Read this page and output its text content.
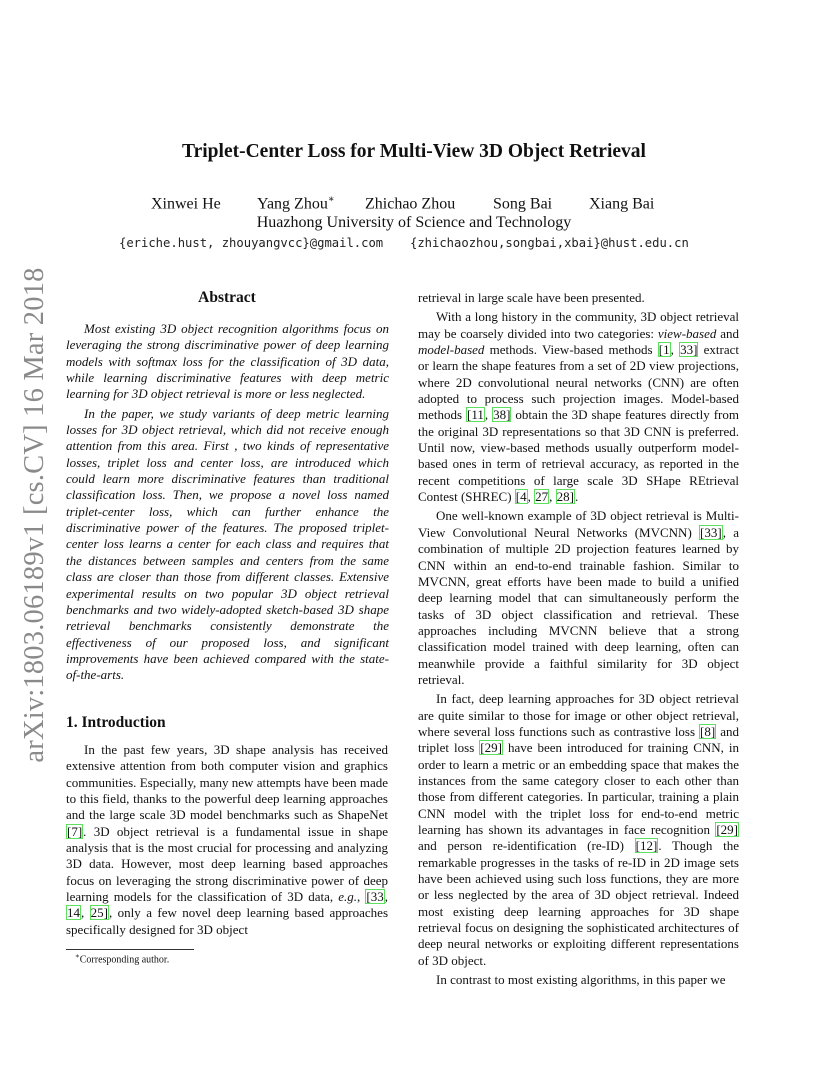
arXiv:1803.06189v1 [cs.CV] 16 Mar 2018
Triplet-Center Loss for Multi-View 3D Object Retrieval
Xinwei He Yang Zhou∗ Zhichao Zhou Song Bai Xiang Bai
Huazhong University of Science and Technology
{eriche.hust, zhouyangvcc}@gmail.com {zhichaozhou,songbai,xbai}@hust.edu.cn
Abstract

Most existing 3D object recognition algorithms focus on leveraging the strong discriminative power of deep learning models with softmax loss for the classification of 3D data, while learning discriminative features with deep metric learning for 3D object retrieval is more or less neglected.

In the paper, we study variants of deep metric learning losses for 3D object retrieval, which did not receive enough attention from this area. First , two kinds of representative losses, triplet loss and center loss, are introduced which could learn more discriminative features than traditional classification loss. Then, we propose a novel loss named triplet-center loss, which can further enhance the discriminative power of the features. The proposed triplet-center loss learns a center for each class and requires that the distances between samples and centers from the same class are closer than those from different classes. Extensive experimental results on two popular 3D object retrieval benchmarks and two widely-adopted sketch-based 3D shape retrieval benchmarks consistently demonstrate the effectiveness of our proposed loss, and significant improvements have been achieved compared with the state-of-the-arts.

1. Introduction

In the past few years, 3D shape analysis has received extensive attention from both computer vision and graphics communities. Especially, many new attempts have been made to this field, thanks to the powerful deep learning approaches and the large scale 3D model benchmarks such as ShapeNet [7]. 3D object retrieval is a fundamental issue in shape analysis that is the most crucial for processing and analyzing 3D data. However, most deep learning based approaches focus on leveraging the strong discriminative power of deep learning models for the classification of 3D data, e.g., [33, 14, 25], only a few novel deep learning based approaches specifically designed for 3D object

retrieval in large scale have been presented.

With a long history in the community, 3D object retrieval may be coarsely divided into two categories: view-based and model-based methods. View-based methods [1, 33] extract or learn the shape features from a set of 2D view projections, where 2D convolutional neural networks (CNN) are often adopted to process such projection images. Model-based methods [11, 38] obtain the 3D shape features directly from the original 3D representations so that 3D CNN is preferred. Until now, view-based methods usually outperform model-based ones in term of retrieval accuracy, as reported in the recent competitions of large scale 3D SHape REtrieval Contest (SHREC) [4, 27, 28].

One well-known example of 3D object retrieval is Multi-View Convolutional Neural Networks (MVCNN) [33], a combination of multiple 2D projection features learned by CNN within an end-to-end trainable fashion. Similar to MVCNN, great efforts have been made to build a unified deep learning model that can simultaneously perform the tasks of 3D object classification and retrieval. These approaches including MVCNN believe that a strong classification model trained with deep learning, often can meanwhile provide a faithful similarity for 3D object retrieval.

In fact, deep learning approaches for 3D object retrieval are quite similar to those for image or other object retrieval, where several loss functions such as contrastive loss [8] and triplet loss [29] have been introduced for training CNN, in order to learn a metric or an embedding space that makes the instances from the same category closer to each other than those from different categories. In particular, training a plain CNN model with the triplet loss for end-to-end metric learning has shown its advantages in face recognition [29] and person re-identification (re-ID) [12]. Though the remarkable progresses in the tasks of re-ID in 2D image sets have been achieved using such loss functions, they are more or less neglected by the area of 3D object retrieval. Indeed most existing deep learning approaches for 3D shape retrieval focus on designing the sophisticated architectures of deep neural networks or exploiting different representations of 3D object.

In contrast to most existing algorithms, in this paper we

∗Corresponding author.
